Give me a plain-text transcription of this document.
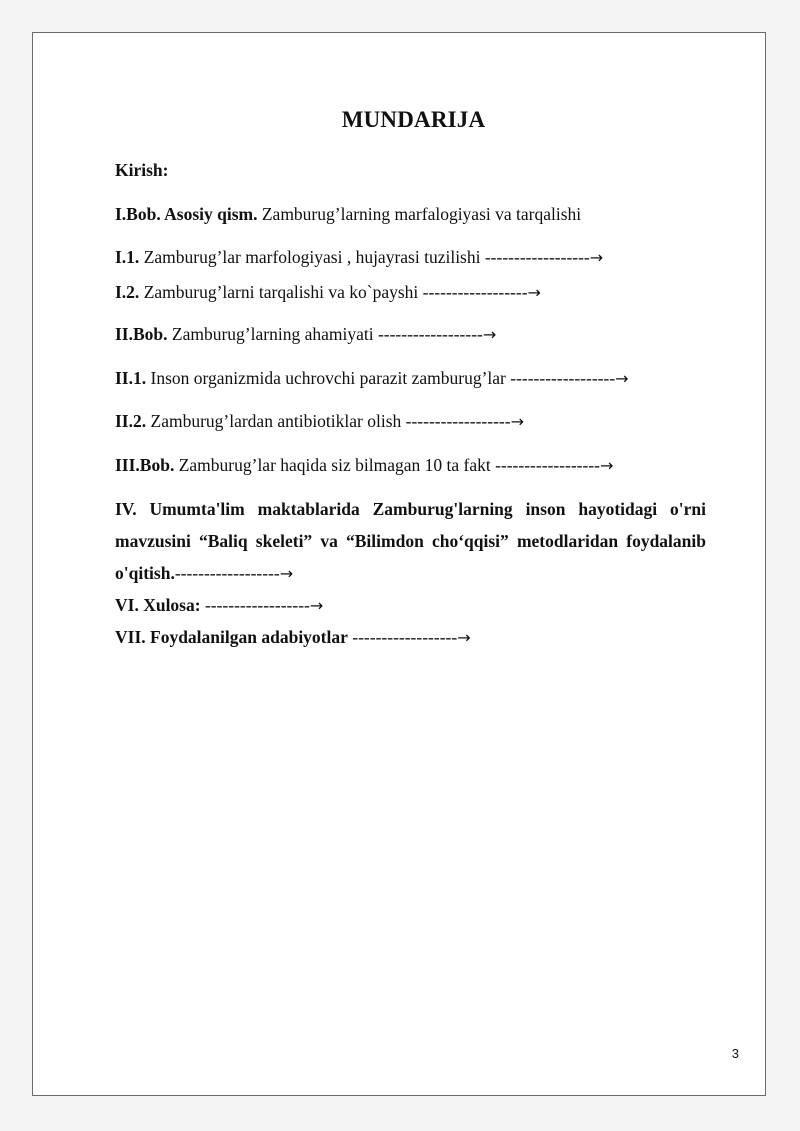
MUNDARIJA
Kirish:
I.Bob. Asosiy qism. Zamburug’larning marfalogiyasi va tarqalishi
I.1. Zamburug’lar marfologiyasi , hujayrasi tuzilishi ------------------→
I.2. Zamburug’larni tarqalishi va ko`payshi ------------------→
II.Bob. Zamburug’larning ahamiyati ------------------→
II.1. Inson organizmida uchrovchi parazit zamburug’lar ------------------→
II.2. Zamburug’lardan antibiotiklar olish ------------------→
III.Bob. Zamburug’lar haqida siz bilmagan 10 ta fakt ------------------→
IV. Umumta'lim maktablarida Zamburug'larning inson hayotidagi o'rni mavzusini “Baliq skeleti” va “Bilimdon cho‘qqisi” metodlaridan foydalanib o'qitish.------------------→
VI. Xulosa: ------------------→
VII. Foydalanilgan adabiyotlar ------------------→
3
